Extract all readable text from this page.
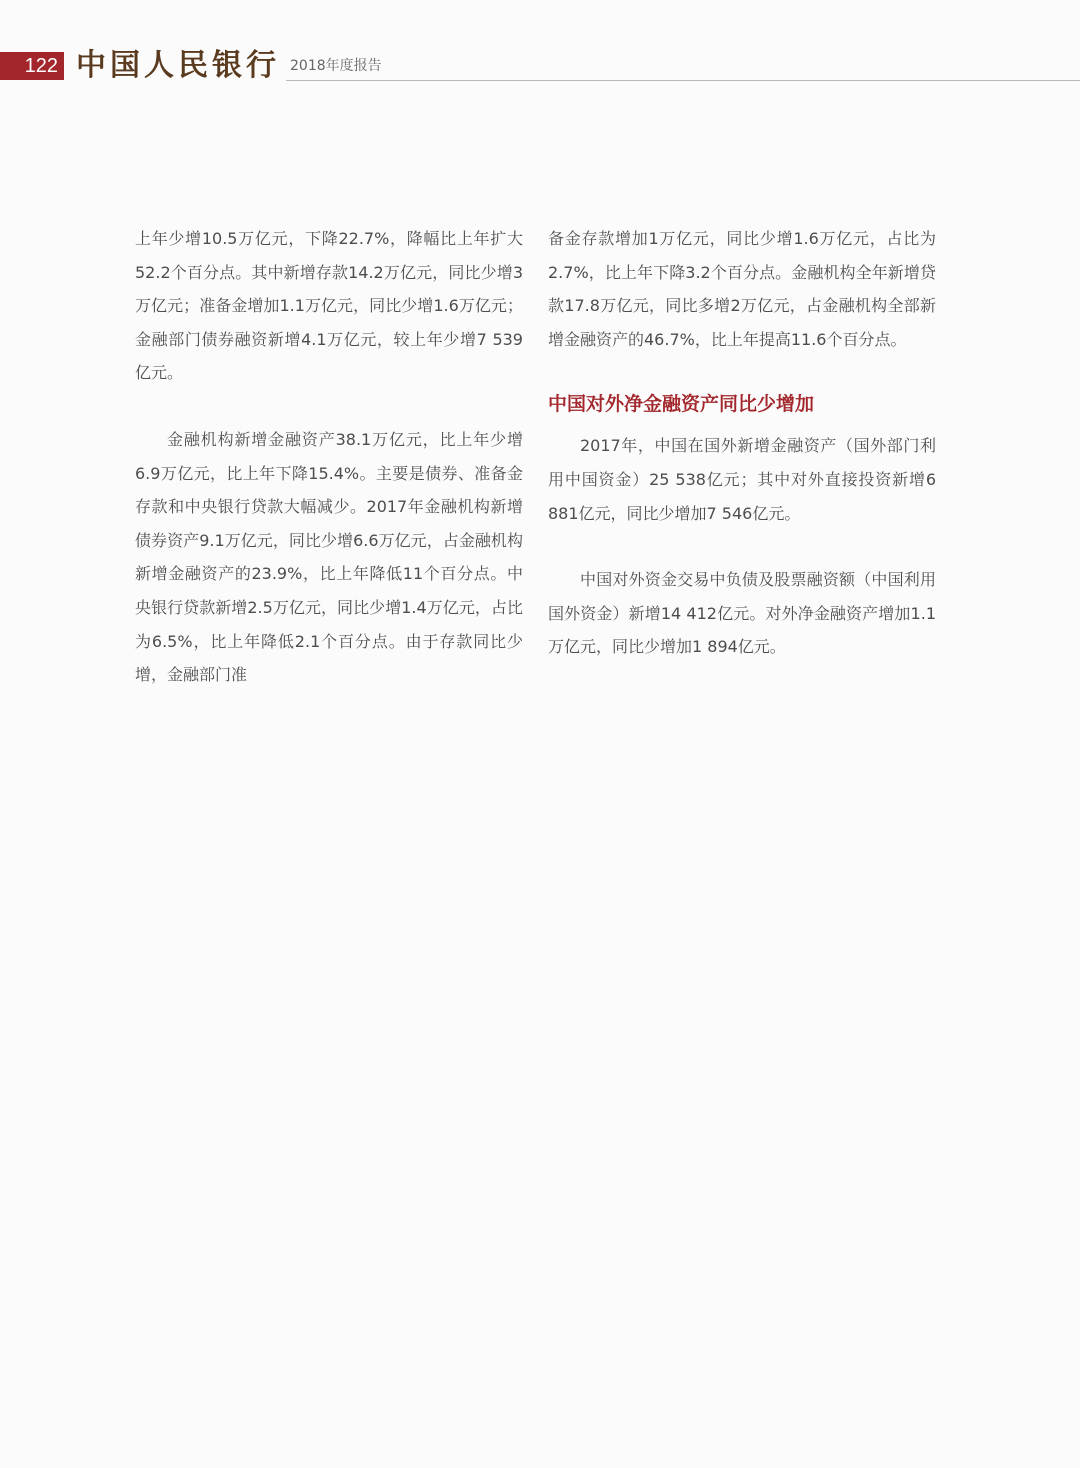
122 中国人民银行 2018年度报告

上年少增10.5万亿元，下降22.7%，降幅比上年扩大52.2个百分点。其中新增存款14.2万亿元，同比少增3万亿元；准备金增加1.1万亿元，同比少增1.6万亿元；金融部门债券融资新增4.1万亿元，较上年少增7 539亿元。

金融机构新增金融资产38.1万亿元，比上年少增6.9万亿元，比上年下降15.4%。主要是债券、准备金存款和中央银行贷款大幅减少。2017年金融机构新增债券资产9.1万亿元，同比少增6.6万亿元，占金融机构新增金融资产的23.9%，比上年降低11个百分点。中央银行贷款新增2.5万亿元，同比少增1.4万亿元，占比为6.5%，比上年降低2.1个百分点。由于存款同比少增，金融部门准

备金存款增加1万亿元，同比少增1.6万亿元，占比为2.7%，比上年下降3.2个百分点。金融机构全年新增贷款17.8万亿元，同比多增2万亿元，占金融机构全部新增金融资产的46.7%，比上年提高11.6个百分点。

中国对外净金融资产同比少增加

2017年，中国在国外新增金融资产（国外部门利用中国资金）25 538亿元；其中对外直接投资新增6 881亿元，同比少增加7 546亿元。

中国对外资金交易中负债及股票融资额（中国利用国外资金）新增14 412亿元。对外净金融资产增加1.1万亿元，同比少增加1 894亿元。
